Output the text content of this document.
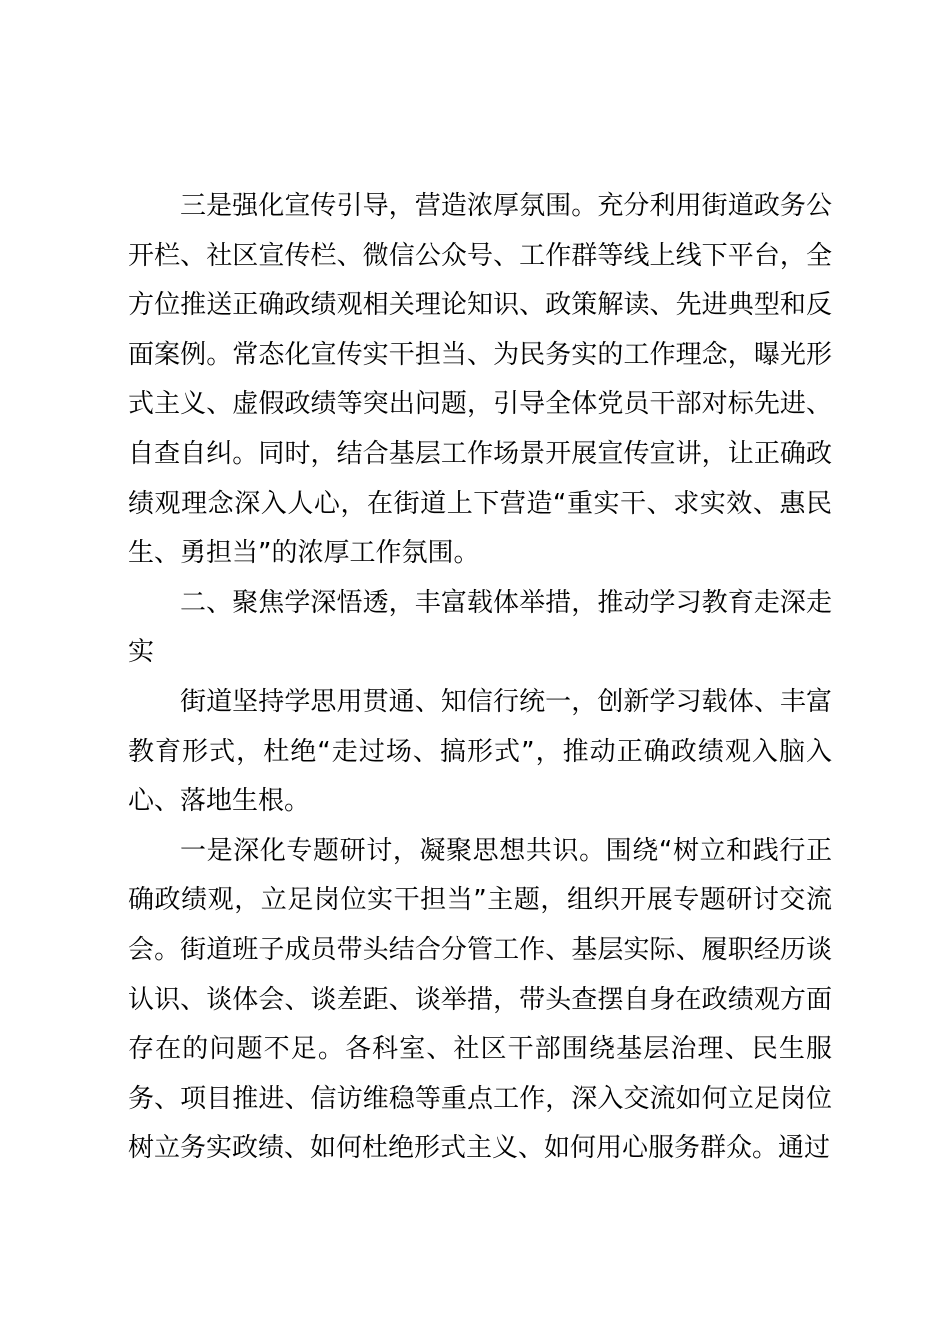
三是强化宣传引导，营造浓厚氛围。充分利用街道政务公开栏、社区宣传栏、微信公众号、工作群等线上线下平台，全方位推送正确政绩观相关理论知识、政策解读、先进典型和反面案例。常态化宣传实干担当、为民务实的工作理念，曝光形式主义、虚假政绩等突出问题，引导全体党员干部对标先进、自查自纠。同时，结合基层工作场景开展宣传宣讲，让正确政绩观理念深入人心，在街道上下营造“重实干、求实效、惠民生、勇担当”的浓厚工作氛围。

二、聚焦学深悟透，丰富载体举措，推动学习教育走深走实

街道坚持学思用贯通、知信行统一，创新学习载体、丰富教育形式，杜绝“走过场、搞形式”，推动正确政绩观入脑入心、落地生根。

一是深化专题研讨，凝聚思想共识。围绕“树立和践行正确政绩观，立足岗位实干担当”主题，组织开展专题研讨交流会。街道班子成员带头结合分管工作、基层实际、履职经历谈认识、谈体会、谈差距、谈举措，带头查摆自身在政绩观方面存在的问题不足。各科室、社区干部围绕基层治理、民生服务、项目推进、信访维稳等重点工作，深入交流如何立足岗位树立务实政绩、如何杜绝形式主义、如何用心服务群众。通过
